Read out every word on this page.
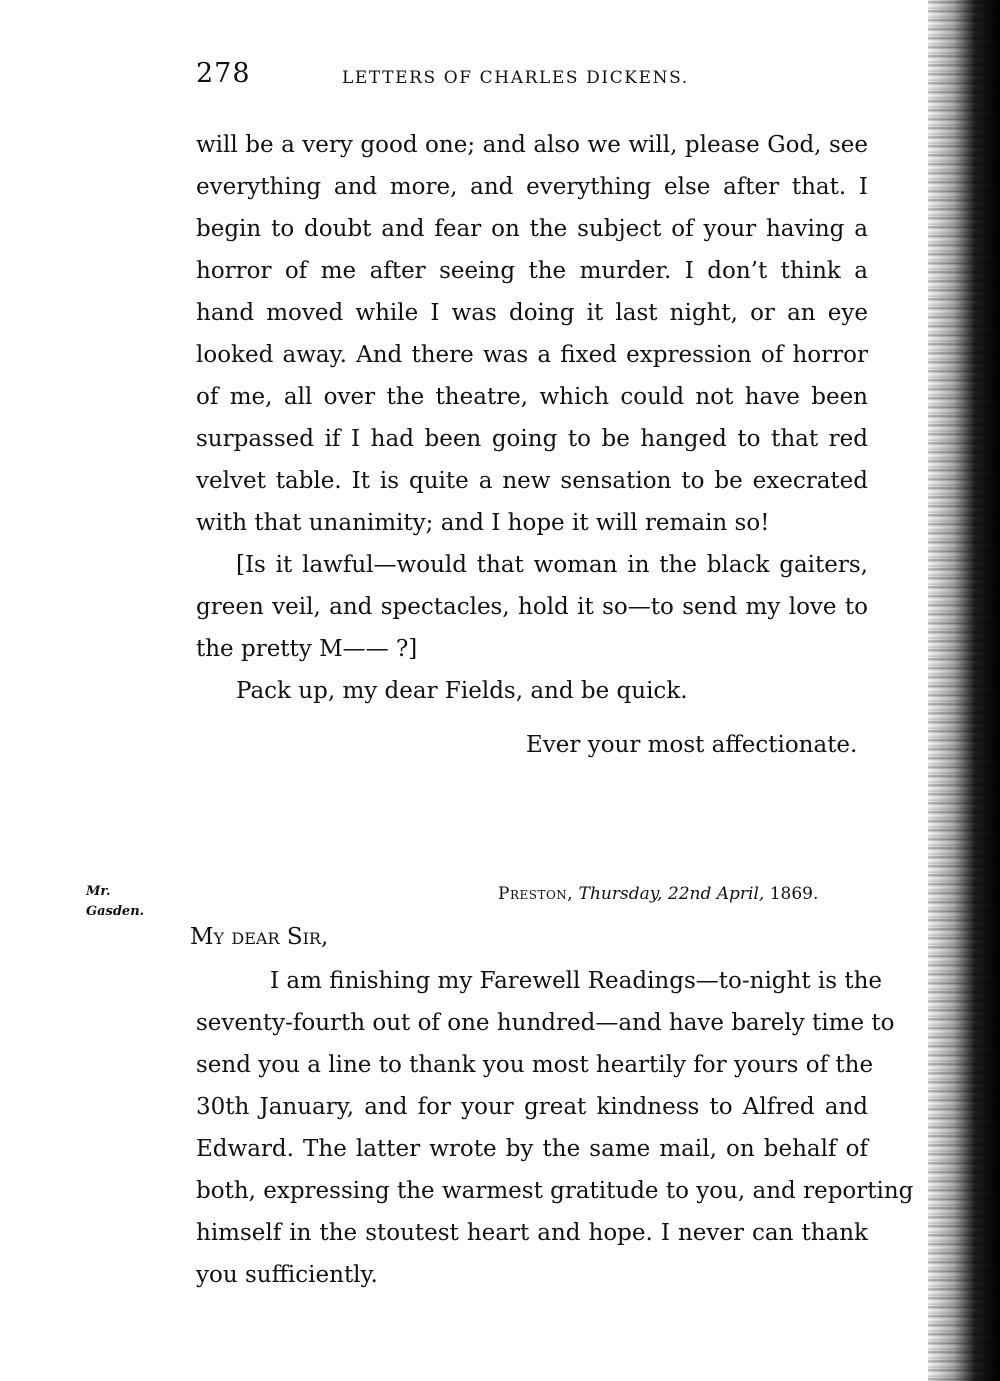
278	LETTERS OF CHARLES DICKENS.
will be a very good one; and also we will, please God, see
everything and more, and everything else after that. I
begin to doubt and fear on the subject of your having a
horror of me after seeing the murder. I don’t think a
hand moved while I was doing it last night, or an eye
looked away. And there was a fixed expression of horror
of me, all over the theatre, which could not have been
surpassed if I had been going to be hanged to that red
velvet table. It is quite a new sensation to be execrated
with that unanimity; and I hope it will remain so!
[Is it lawful—would that woman in the black gaiters,
green veil, and spectacles, hold it so—to send my love to
the pretty M—— ?]
Pack up, my dear Fields, and be quick.
Ever your most affectionate.
Mr.
Gasden.
Preston, Thursday, 22nd April, 1869.
My dear Sir,
I am finishing my Farewell Readings—to-night is the
seventy-fourth out of one hundred—and have barely time to
send you a line to thank you most heartily for yours of the
30th January, and for your great kindness to Alfred and
Edward. The latter wrote by the same mail, on behalf of
both, expressing the warmest gratitude to you, and reporting
himself in the stoutest heart and hope. I never can thank
you sufficiently.
